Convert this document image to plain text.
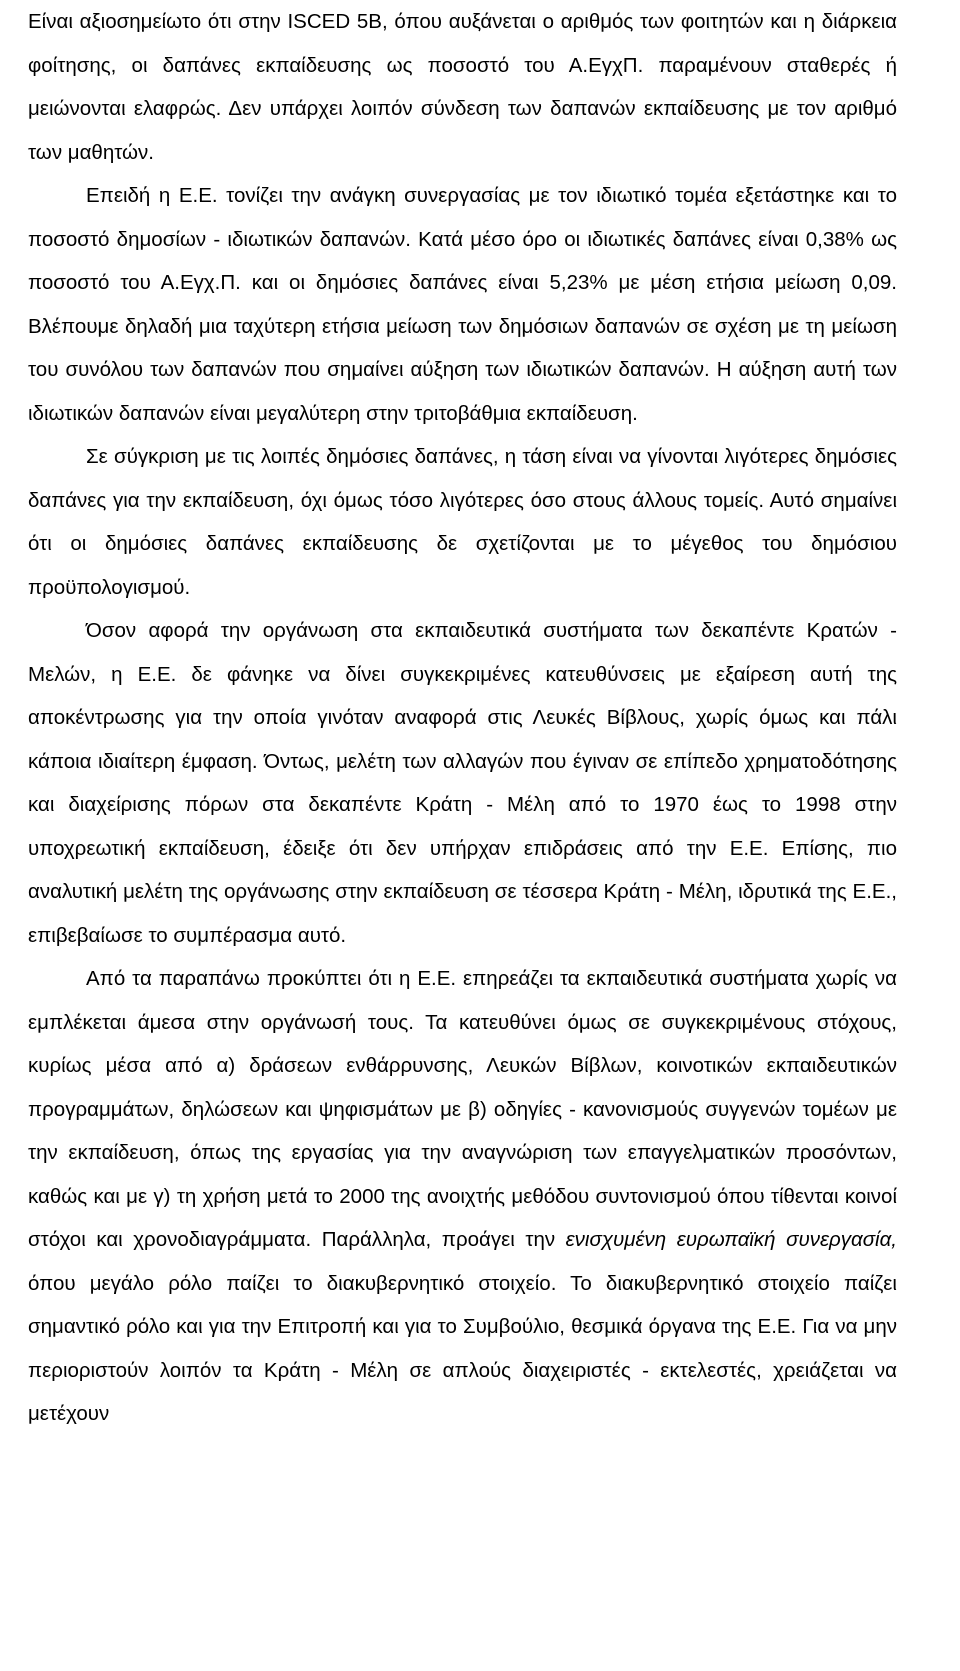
Είναι αξιοσημείωτο ότι στην ISCED 5B, όπου αυξάνεται ο αριθμός των φοιτητών και η διάρκεια φοίτησης, οι δαπάνες εκπαίδευσης ως ποσοστό του Α.ΕγχΠ. παραμένουν σταθερές ή μειώνονται ελαφρώς. Δεν υπάρχει λοιπόν σύνδεση των δαπανών εκπαίδευσης με τον αριθμό των μαθητών.

Επειδή η Ε.Ε. τονίζει την ανάγκη συνεργασίας με τον ιδιωτικό τομέα εξετάστηκε και το ποσοστό δημοσίων - ιδιωτικών δαπανών. Κατά μέσο όρο οι ιδιωτικές δαπάνες είναι 0,38% ως ποσοστό του Α.Εγχ.Π. και οι δημόσιες δαπάνες είναι 5,23% με μέση ετήσια μείωση 0,09. Βλέπουμε δηλαδή μια ταχύτερη ετήσια μείωση των δημόσιων δαπανών σε σχέση με τη μείωση του συνόλου των δαπανών που σημαίνει αύξηση των ιδιωτικών δαπανών. Η αύξηση αυτή των ιδιωτικών δαπανών είναι μεγαλύτερη στην τριτοβάθμια εκπαίδευση.

Σε σύγκριση με τις λοιπές δημόσιες δαπάνες, η τάση είναι να γίνονται λιγότερες δημόσιες δαπάνες για την εκπαίδευση, όχι όμως τόσο λιγότερες όσο στους άλλους τομείς. Αυτό σημαίνει ότι οι δημόσιες δαπάνες εκπαίδευσης δε σχετίζονται με το μέγεθος του δημόσιου προϋπολογισμού.

Όσον αφορά την οργάνωση στα εκπαιδευτικά συστήματα των δεκαπέντε Κρατών - Μελών, η Ε.Ε. δε φάνηκε να δίνει συγκεκριμένες κατευθύνσεις με εξαίρεση αυτή της αποκέντρωσης για την οποία γινόταν αναφορά στις Λευκές Βίβλους, χωρίς όμως και πάλι κάποια ιδιαίτερη έμφαση. Όντως, μελέτη των αλλαγών που έγιναν σε επίπεδο χρηματοδότησης και διαχείρισης πόρων στα δεκαπέντε Κράτη - Μέλη από το 1970 έως το 1998 στην υποχρεωτική εκπαίδευση, έδειξε ότι δεν υπήρχαν επιδράσεις από την Ε.Ε. Επίσης, πιο αναλυτική μελέτη της οργάνωσης στην εκπαίδευση σε τέσσερα Κράτη - Μέλη, ιδρυτικά της Ε.Ε., επιβεβαίωσε το συμπέρασμα αυτό.

Από τα παραπάνω προκύπτει ότι η Ε.Ε. επηρεάζει τα εκπαιδευτικά συστήματα χωρίς να εμπλέκεται άμεσα στην οργάνωσή τους. Τα κατευθύνει όμως σε συγκεκριμένους στόχους, κυρίως μέσα από α) δράσεων ενθάρρυνσης, Λευκών Βίβλων, κοινοτικών εκπαιδευτικών προγραμμάτων, δηλώσεων και ψηφισμάτων με β) οδηγίες - κανονισμούς συγγενών τομέων με την εκπαίδευση, όπως της εργασίας για την αναγνώριση των επαγγελματικών προσόντων, καθώς και με γ) τη χρήση μετά το 2000 της ανοιχτής μεθόδου συντονισμού όπου τίθενται κοινοί στόχοι και χρονοδιαγράμματα. Παράλληλα, προάγει την ενισχυμένη ευρωπαϊκή συνεργασία, όπου μεγάλο ρόλο παίζει το διακυβερνητικό στοιχείο. Το διακυβερνητικό στοιχείο παίζει σημαντικό ρόλο και για την Επιτροπή και για το Συμβούλιο, θεσμικά όργανα της Ε.Ε. Για να μην περιοριστούν λοιπόν τα Κράτη - Μέλη σε απλούς διαχειριστές - εκτελεστές, χρειάζεται να μετέχουν
